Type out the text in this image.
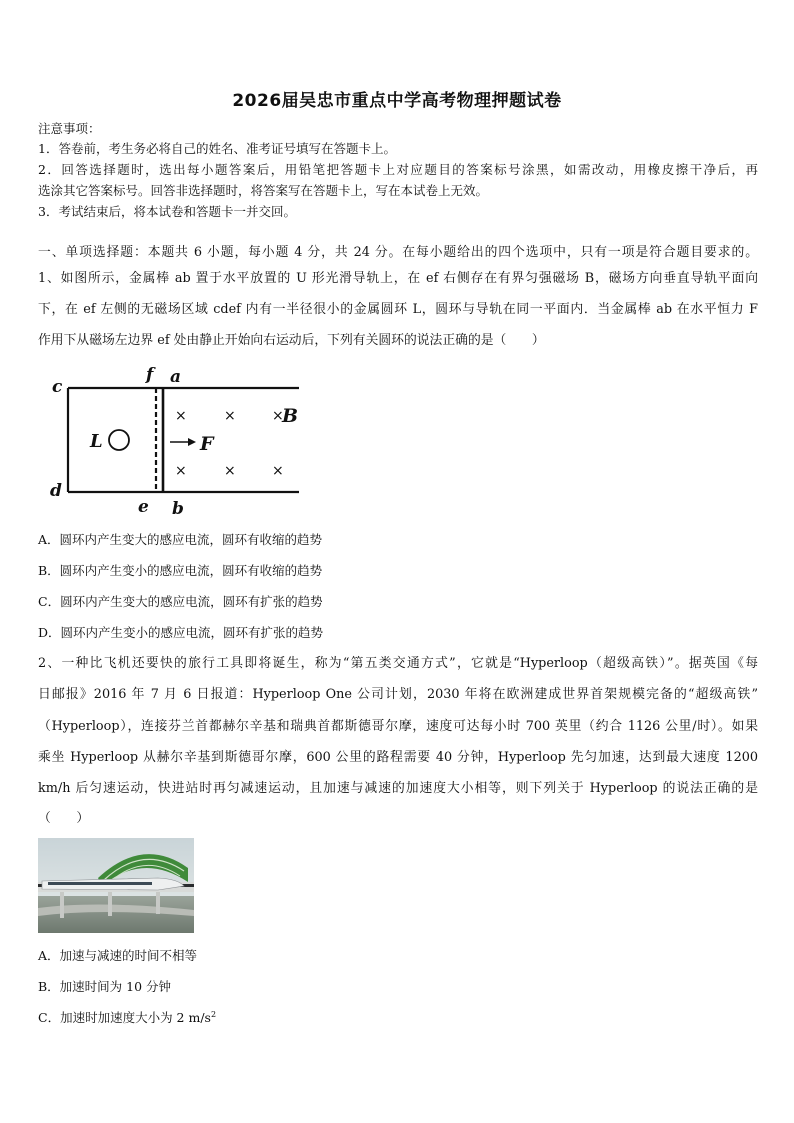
2026届吴忠市重点中学高考物理押题试卷
注意事项：
1．答卷前，考生务必将自己的姓名、准考证号填写在答题卡上。
2．回答选择题时，选出每小题答案后，用铅笔把答题卡上对应题目的答案标号涂黑，如需改动，用橡皮擦干净后，再
选涂其它答案标号。回答非选择题时，将答案写在答题卡上，写在本试卷上无效。
3．考试结束后，将本试卷和答题卡一并交回。
一、单项选择题：本题共 6 小题，每小题 4 分，共 24 分。在每小题给出的四个选项中，只有一项是符合题目要求的。
1、如图所示，金属棒 ab 置于水平放置的 U 形光滑导轨上，在 ef 右侧存在有界匀强磁场 B，磁场方向垂直导轨平面向
下，在 ef 左侧的无磁场区域 cdef 内有一半径很小的金属圆环 L，圆环与导轨在同一平面内．当金属棒 ab 在水平恒力 F
作用下从磁场左边界 ef 处由静止开始向右运动后，下列有关圆环的说法正确的是（　　）
c
f a
d
e b
L	F
B
×	×	×
×	×	×
A．圆环内产生变大的感应电流，圆环有收缩的趋势
B．圆环内产生变小的感应电流，圆环有收缩的趋势
C．圆环内产生变大的感应电流，圆环有扩张的趋势
D．圆环内产生变小的感应电流，圆环有扩张的趋势
2、一种比飞机还要快的旅行工具即将诞生，称为“第五类交通方式”，它就是“Hyperloop（超级高铁）”。据英国《每
日邮报》2016 年 7 月 6 日报道：Hyperloop One 公司计划，2030 年将在欧洲建成世界首架规模完备的“超级高铁”
（Hyperloop），连接芬兰首都赫尔辛基和瑞典首都斯德哥尔摩，速度可达每小时 700 英里（约合 1126 公里/时）。如果
乘坐 Hyperloop 从赫尔辛基到斯德哥尔摩，600 公里的路程需要 40 分钟，Hyperloop 先匀加速，达到最大速度 1200
km/h 后匀速运动，快进站时再匀减速运动，且加速与减速的加速度大小相等，则下列关于 Hyperloop 的说法正确的是
（　　）
A．加速与减速的时间不相等
B．加速时间为 10 分钟
C．加速时加速度大小为 2 $m/s^2$
